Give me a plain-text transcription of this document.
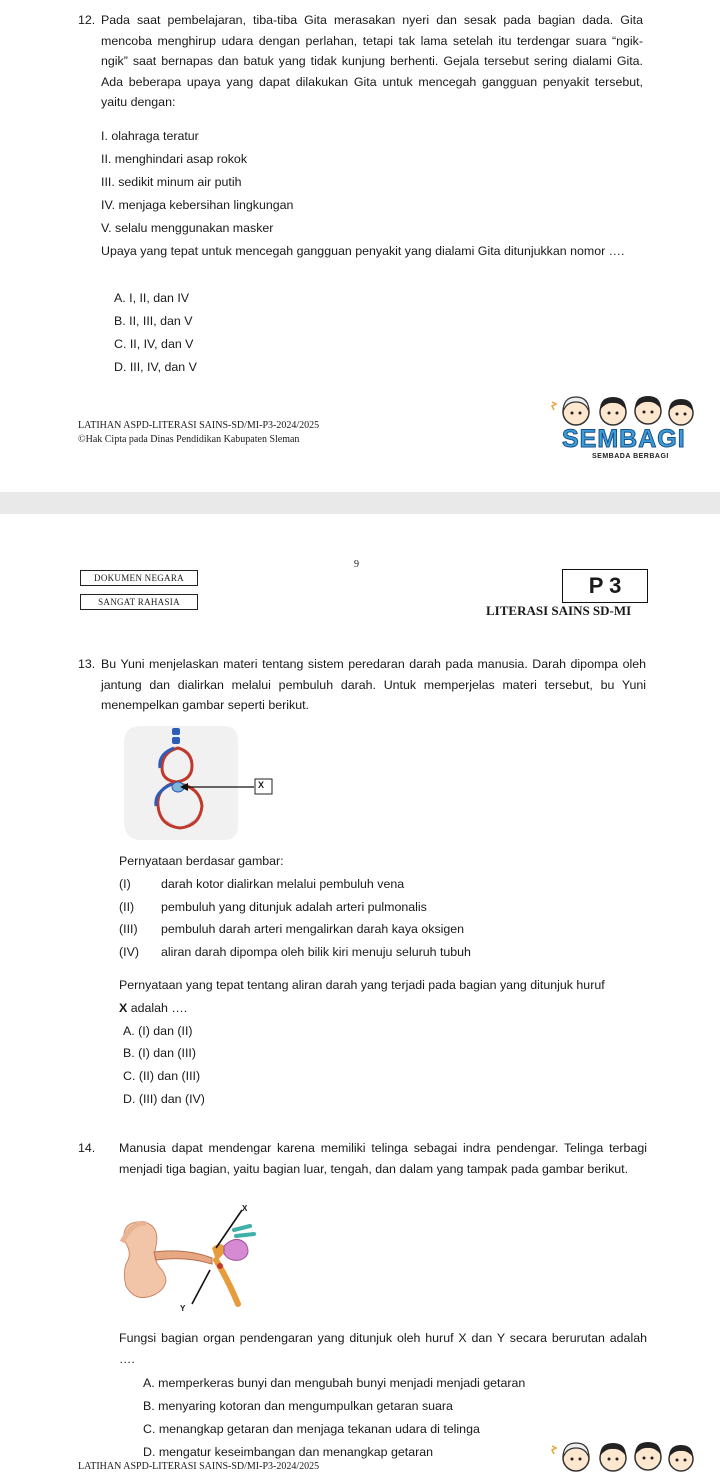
12. Pada saat pembelajaran, tiba-tiba Gita merasakan nyeri dan sesak pada bagian dada. Gita mencoba menghirup udara dengan perlahan, tetapi tak lama setelah itu terdengar suara “ngik-ngik” saat bernapas dan batuk yang tidak kunjung berhenti. Gejala tersebut sering dialami Gita. Ada beberapa upaya yang dapat dilakukan Gita untuk mencegah gangguan penyakit tersebut, yaitu dengan:
I. olahraga teratur
II. menghindari asap rokok
III. sedikit minum air putih
IV. menjaga kebersihan lingkungan
V. selalu menggunakan masker
Upaya yang tepat untuk mencegah gangguan penyakit yang dialami Gita ditunjukkan nomor ….
A. I, II, dan IV
B. II, III, dan V
C. II, IV, dan V
D. III, IV, dan V
LATIHAN ASPD-LITERASI SAINS-SD/MI-P3-2024/2025
©Hak Cipta pada Dinas Pendidikan Kabupaten Sleman	SEMBAGI
SEMBADA BERBAGI
9
DOKUMEN NEGARA
SANGAT RAHASIA
P 3
LITERASI SAINS SD-MI
13. Bu Yuni menjelaskan materi tentang sistem peredaran darah pada manusia. Darah dipompa oleh jantung dan dialirkan melalui pembuluh darah. Untuk memperjelas materi tersebut, bu Yuni menempelkan gambar seperti berikut.
X
Pernyataan berdasar gambar:
(I) darah kotor dialirkan melalui pembuluh vena
(II) pembuluh yang ditunjuk adalah arteri pulmonalis
(III) pembuluh darah arteri mengalirkan darah kaya oksigen
(IV) aliran darah dipompa oleh bilik kiri menuju seluruh tubuh
Pernyataan yang tepat tentang aliran darah yang terjadi pada bagian yang ditunjuk huruf
X adalah ….
A. (I) dan (II)
B. (I) dan (III)
C. (II) dan (III)
D. (III) dan (IV)
14. Manusia dapat mendengar karena memiliki telinga sebagai indra pendengar. Telinga terbagi menjadi tiga bagian, yaitu bagian luar, tengah, dan dalam yang tampak pada gambar berikut.
X
Y
Fungsi bagian organ pendengaran yang ditunjuk oleh huruf X dan Y secara berurutan adalah ….
A. memperkeras bunyi dan mengubah bunyi menjadi menjadi getaran
B. menyaring kotoran dan mengumpulkan getaran suara
C. menangkap getaran dan menjaga tekanan udara di telinga
D. mengatur keseimbangan dan menangkap getaran
LATIHAN ASPD-LITERASI SAINS-SD/MI-P3-2024/2025
